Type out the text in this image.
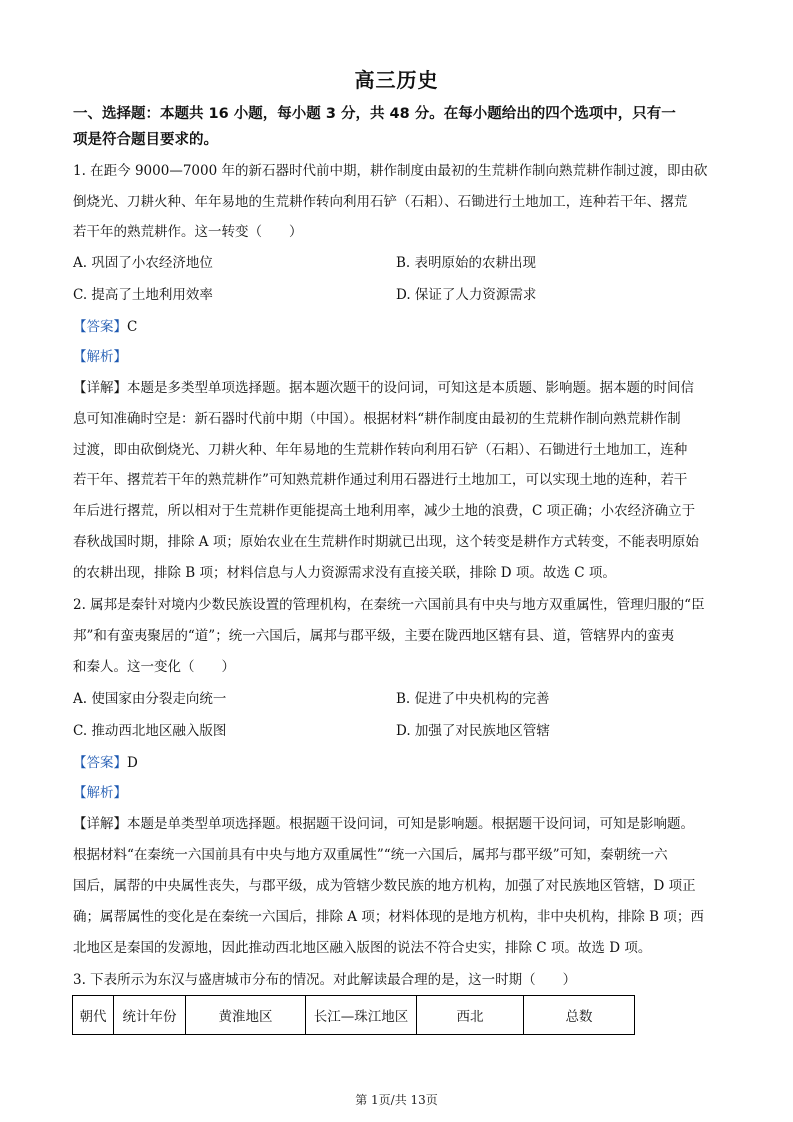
高三历史
一、选择题：本题共 16 小题，每小题 3 分，共 48 分。在每小题给出的四个选项中，只有一
项是符合题目要求的。
1. 在距今 9000—7000 年的新石器时代前中期，耕作制度由最初的生荒耕作制向熟荒耕作制过渡，即由砍
倒烧光、刀耕火种、年年易地的生荒耕作转向利用石铲（石耜）、石锄进行土地加工，连种若干年、撂荒
若干年的熟荒耕作。这一转变（　　）
A. 巩固了小农经济地位	B. 表明原始的农耕出现
C. 提高了土地利用效率	D. 保证了人力资源需求
【答案】C
【解析】
【详解】本题是多类型单项选择题。据本题次题干的设问词，可知这是本质题、影响题。据本题的时间信
息可知准确时空是：新石器时代前中期（中国）。根据材料“耕作制度由最初的生荒耕作制向熟荒耕作制
过渡，即由砍倒烧光、刀耕火种、年年易地的生荒耕作转向利用石铲（石耜）、石锄进行土地加工，连种
若干年、撂荒若干年的熟荒耕作”可知熟荒耕作通过利用石器进行土地加工，可以实现土地的连种，若干
年后进行撂荒，所以相对于生荒耕作更能提高土地利用率，减少土地的浪费，C 项正确；小农经济确立于
春秋战国时期，排除 A 项；原始农业在生荒耕作时期就已出现，这个转变是耕作方式转变，不能表明原始
的农耕出现，排除 B 项；材料信息与人力资源需求没有直接关联，排除 D 项。故选 C 项。
2. 属邦是秦针对境内少数民族设置的管理机构，在秦统一六国前具有中央与地方双重属性，管理归服的“臣
邦”和有蛮夷聚居的“道”；统一六国后，属邦与郡平级，主要在陇西地区辖有县、道，管辖界内的蛮夷
和秦人。这一变化（　　）
A. 使国家由分裂走向统一	B. 促进了中央机构的完善
C. 推动西北地区融入版图	D. 加强了对民族地区管辖
【答案】D
【解析】
【详解】本题是单类型单项选择题。根据题干设问词，可知是影响题。根据题干设问词，可知是影响题。
根据材料“在秦统一六国前具有中央与地方双重属性”“统一六国后，属邦与郡平级”可知，秦朝统一六
国后，属帮的中央属性丧失，与郡平级，成为管辖少数民族的地方机构，加强了对民族地区管辖，D 项正
确；属帮属性的变化是在秦统一六国后，排除 A 项；材料体现的是地方机构，非中央机构，排除 B 项；西
北地区是秦国的发源地，因此推动西北地区融入版图的说法不符合史实，排除 C 项。故选 D 项。
3. 下表所示为东汉与盛唐城市分布的情况。对此解读最合理的是，这一时期（　　）
朝代	统计年份	黄淮地区	长江—珠江地区	西北	总数
第 1页/共 13页
